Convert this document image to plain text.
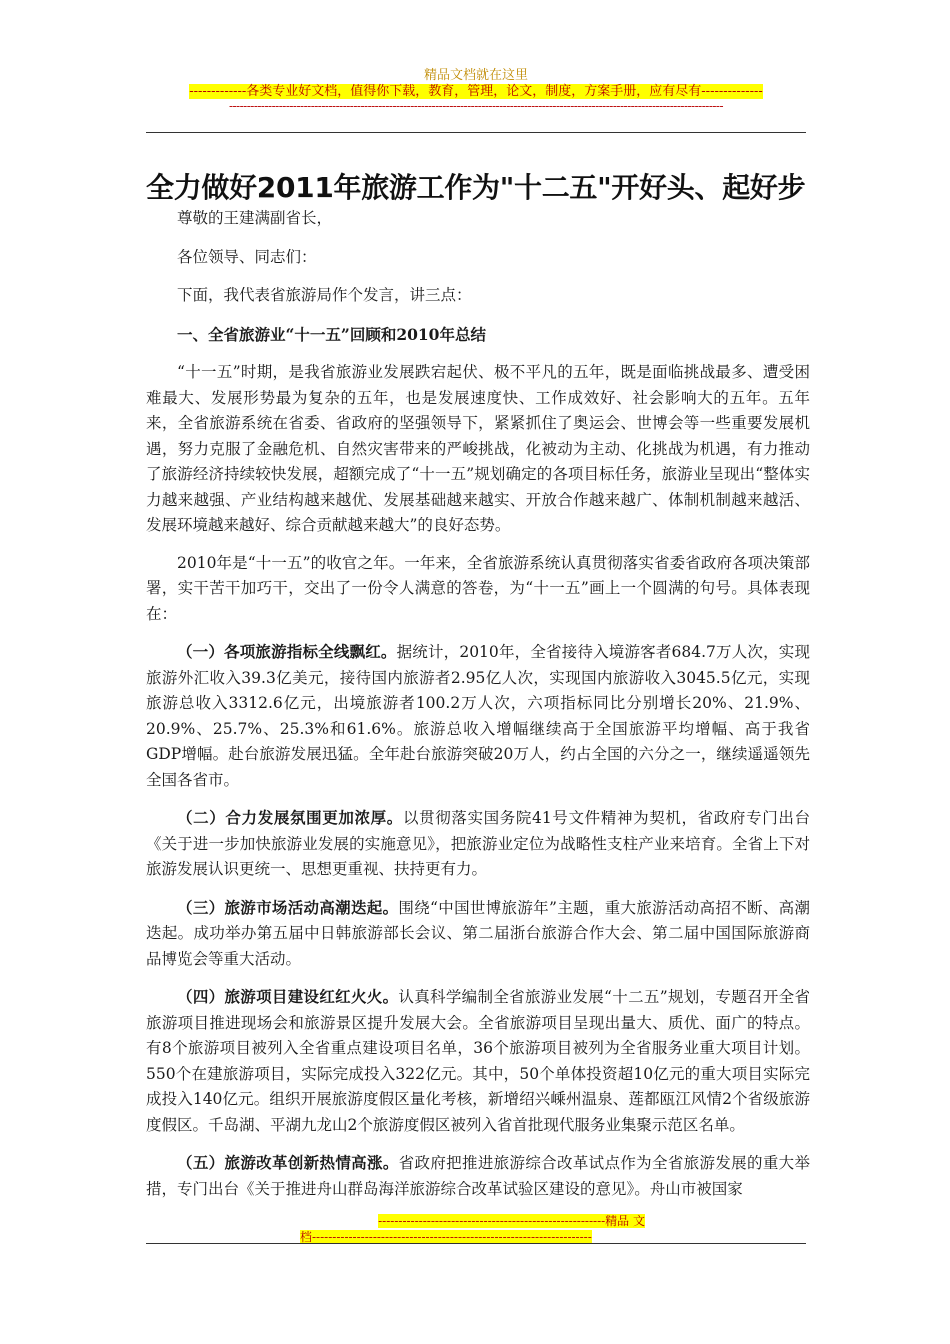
精品文档就在这里
-------------各类专业好文档，值得你下载，教育，管理，论文，制度，方案手册，应有尽有--------------
-------------------------------------------------------------------------------------------------------------------------------------------
全力做好2011年旅游工作为"十二五"开好头、起好步

尊敬的王建满副省长，

各位领导、同志们：

下面，我代表省旅游局作个发言，讲三点：

一、全省旅游业“十一五”回顾和2010年总结

“十一五”时期，是我省旅游业发展跌宕起伏、极不平凡的五年，既是面临挑战最多、遭受困难最大、发展形势最为复杂的五年，也是发展速度快、工作成效好、社会影响大的五年。五年来，全省旅游系统在省委、省政府的坚强领导下，紧紧抓住了奥运会、世博会等一些重要发展机遇，努力克服了金融危机、自然灾害带来的严峻挑战，化被动为主动、化挑战为机遇，有力推动了旅游经济持续较快发展，超额完成了“十一五”规划确定的各项目标任务，旅游业呈现出“整体实力越来越强、产业结构越来越优、发展基础越来越实、开放合作越来越广、体制机制越来越活、发展环境越来越好、综合贡献越来越大”的良好态势。

2010年是“十一五”的收官之年。一年来，全省旅游系统认真贯彻落实省委省政府各项决策部署，实干苦干加巧干，交出了一份令人满意的答卷，为“十一五”画上一个圆满的句号。具体表现在：

（一）各项旅游指标全线飘红。据统计，2010年，全省接待入境游客者684.7万人次，实现旅游外汇收入39.3亿美元，接待国内旅游者2.95亿人次，实现国内旅游收入3045.5亿元，实现旅游总收入3312.6亿元，出境旅游者100.2万人次，六项指标同比分别增长20%、21.9%、20.9%、25.7%、25.3%和61.6%。旅游总收入增幅继续高于全国旅游平均增幅、高于我省GDP增幅。赴台旅游发展迅猛。全年赴台旅游突破20万人，约占全国的六分之一，继续遥遥领先全国各省市。

（二）合力发展氛围更加浓厚。以贯彻落实国务院41号文件精神为契机，省政府专门出台《关于进一步加快旅游业发展的实施意见》，把旅游业定位为战略性支柱产业来培育。全省上下对旅游发展认识更统一、思想更重视、扶持更有力。

（三）旅游市场活动高潮迭起。围绕“中国世博旅游年”主题，重大旅游活动高招不断、高潮迭起。成功举办第五届中日韩旅游部长会议、第二届浙台旅游合作大会、第二届中国国际旅游商品博览会等重大活动。

（四）旅游项目建设红红火火。认真科学编制全省旅游业发展“十二五”规划，专题召开全省旅游项目推进现场会和旅游景区提升发展大会。全省旅游项目呈现出量大、质优、面广的特点。有8个旅游项目被列入全省重点建设项目名单，36个旅游项目被列为全省服务业重大项目计划。550个在建旅游项目，实际完成投入322亿元。其中，50个单体投资超10亿元的重大项目实际完成投入140亿元。组织开展旅游度假区量化考核，新增绍兴嵊州温泉、莲都瓯江风情2个省级旅游度假区。千岛湖、平湖九龙山2个旅游度假区被列入省首批现代服务业集聚示范区名单。

（五）旅游改革创新热情高涨。省政府把推进旅游综合改革试点作为全省旅游发展的重大举措，专门出台《关于推进舟山群岛海洋旅游综合改革试验区建设的意见》。舟山市被国家

--------------------------------------------------------精品 文
档---------------------------------------------------------------------
